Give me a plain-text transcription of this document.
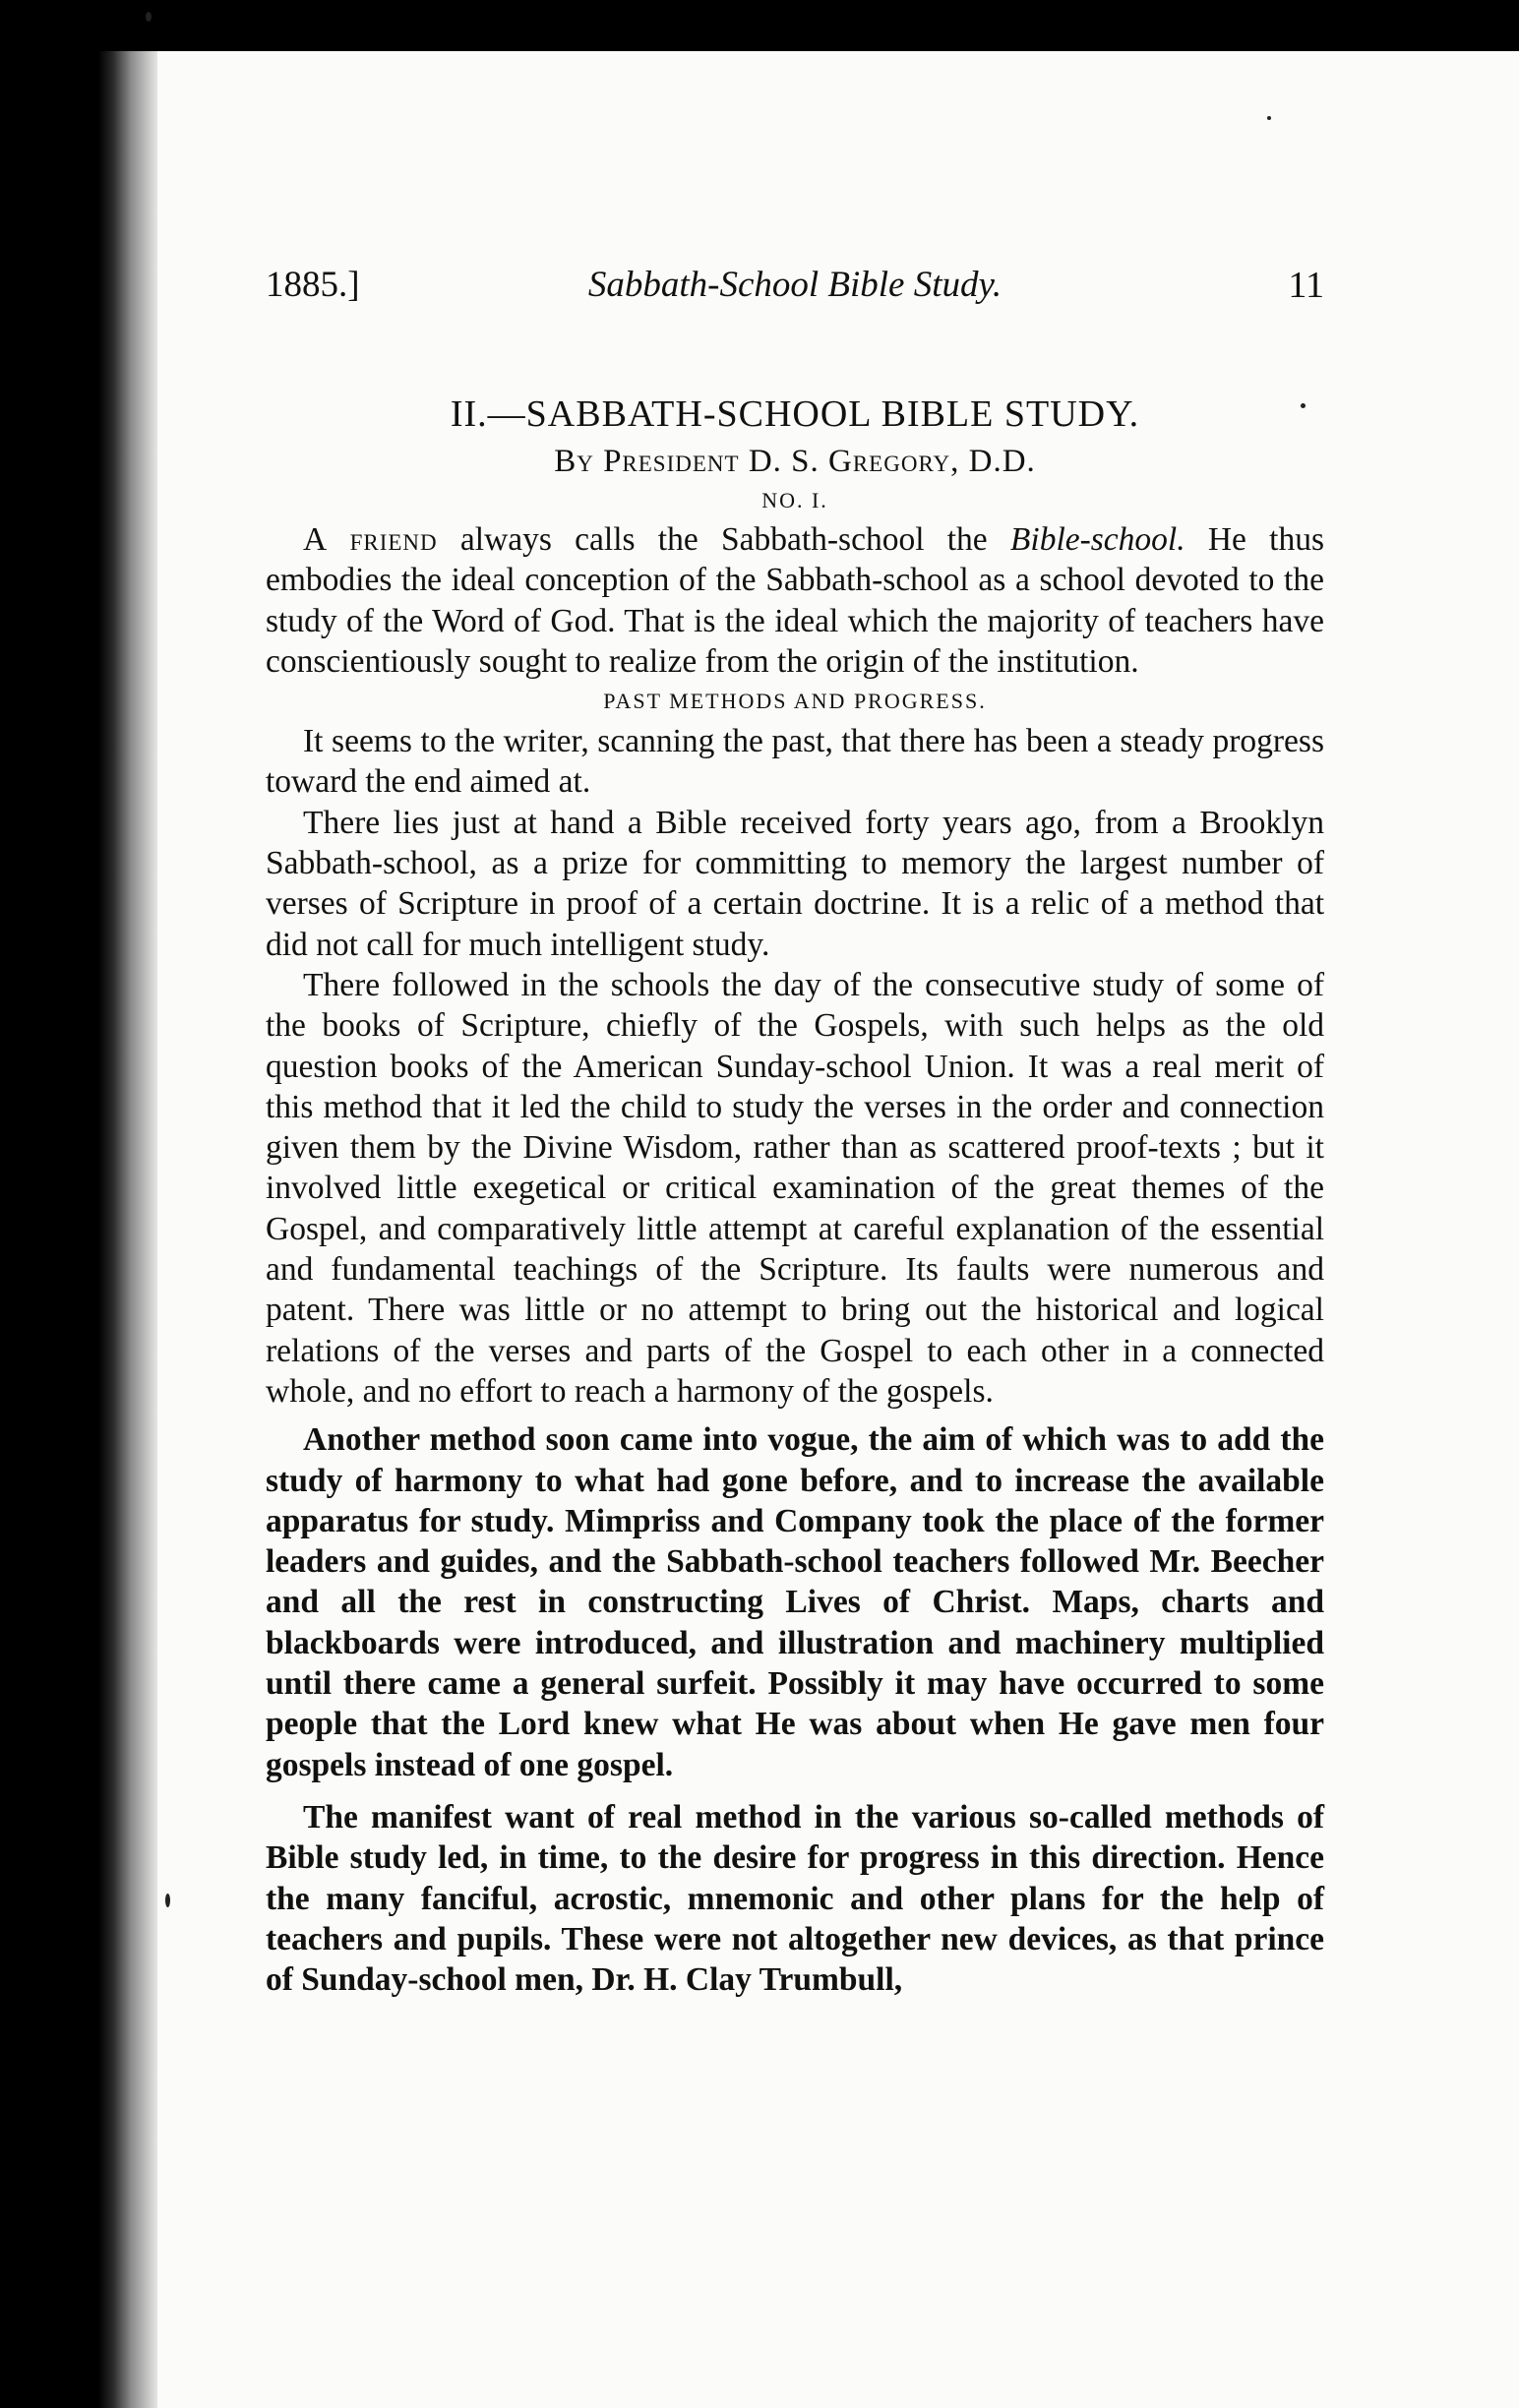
1885.]	Sabbath-School Bible Study.	11
II.—SABBATH-SCHOOL BIBLE STUDY.
By President D. S. Gregory, D.D.
NO. I.

A friend always calls the Sabbath-school the Bible-school. He thus embodies the ideal conception of the Sabbath-school as a school devoted to the study of the Word of God. That is the ideal which the majority of teachers have conscientiously sought to realize from the origin of the institution.

PAST METHODS AND PROGRESS.

It seems to the writer, scanning the past, that there has been a steady progress toward the end aimed at.

There lies just at hand a Bible received forty years ago, from a Brooklyn Sabbath-school, as a prize for committing to memory the largest number of verses of Scripture in proof of a certain doctrine. It is a relic of a method that did not call for much intelligent study.

There followed in the schools the day of the consecutive study of some of the books of Scripture, chiefly of the Gospels, with such helps as the old question books of the American Sunday-school Union. It was a real merit of this method that it led the child to study the verses in the order and connection given them by the Divine Wisdom, rather than as scattered proof-texts ; but it involved little exegetical or critical examination of the great themes of the Gospel, and comparatively little attempt at careful explanation of the essential and fundamental teachings of the Scripture. Its faults were numerous and patent. There was little or no attempt to bring out the historical and logical relations of the verses and parts of the Gospel to each other in a connected whole, and no effort to reach a harmony of the gospels.

Another method soon came into vogue, the aim of which was to add the study of harmony to what had gone before, and to increase the available apparatus for study. Mimpriss and Company took the place of the former leaders and guides, and the Sabbath-school teachers followed Mr. Beecher and all the rest in constructing Lives of Christ. Maps, charts and blackboards were introduced, and illustration and machinery multiplied until there came a general surfeit. Possibly it may have occurred to some people that the Lord knew what He was about when He gave men four gospels instead of one gospel.

The manifest want of real method in the various so-called methods of Bible study led, in time, to the desire for progress in this direction. Hence the many fanciful, acrostic, mnemonic and other plans for the help of teachers and pupils. These were not altogether new devices, as that prince of Sunday-school men, Dr. H. Clay Trumbull,
